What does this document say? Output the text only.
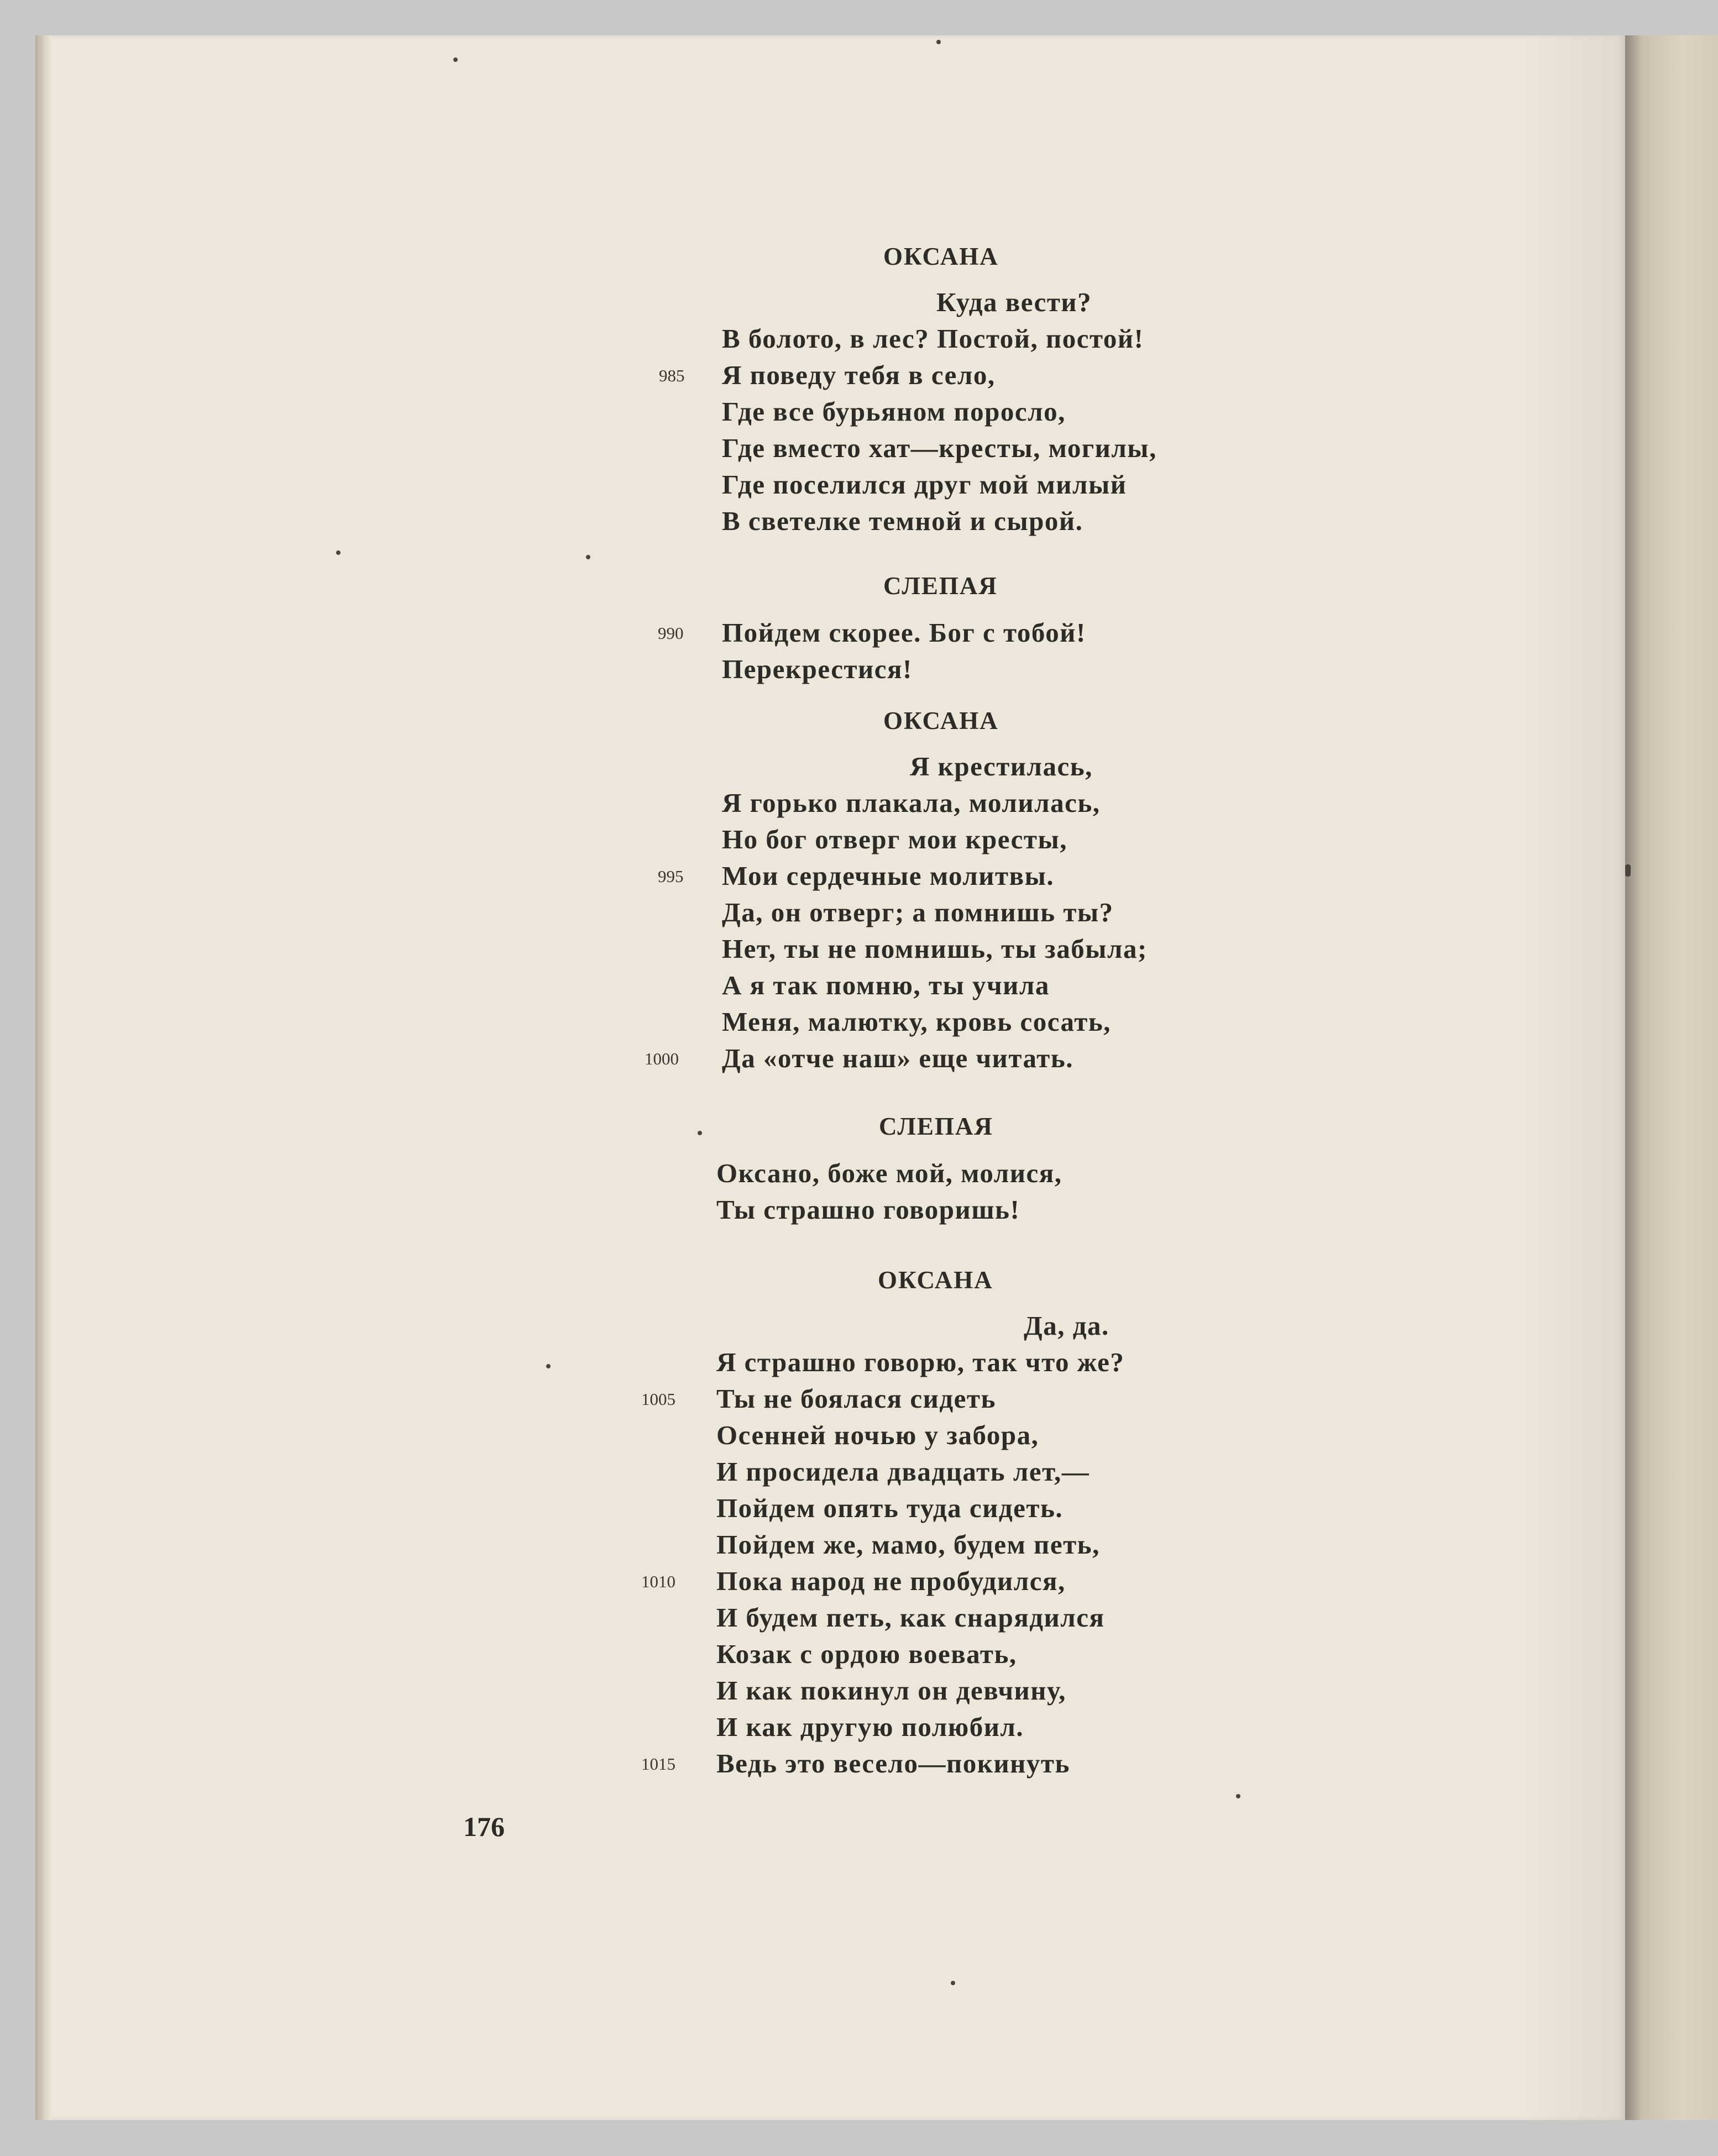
ОКСАНА
Куда вести?
В болото, в лес? Постой, постой!
985 Я поведу тебя в село,
Где все бурьяном поросло,
Где вместо хат—кресты, могилы,
Где поселился друг мой милый
В светелке темной и сырой.
СЛЕПАЯ
990 Пойдем скорее. Бог с тобой!
Перекрестися!
ОКСАНА
Я крестилась,
Я горько плакала, молилась,
Но бог отверг мои кресты,
995 Мои сердечные молитвы.
Да, он отверг; а помнишь ты?
Нет, ты не помнишь, ты забыла;
А я так помню, ты учила
Меня, малютку, кровь сосать,
1000 Да «отче наш» еще читать.
СЛЕПАЯ
Оксано, боже мой, молися,
Ты страшно говоришь!
ОКСАНА
Да, да.
Я страшно говорю, так что же?
1005 Ты не боялася сидеть
Осенней ночью у забора,
И просидела двадцать лет,—
Пойдем опять туда сидеть.
Пойдем же, мамо, будем петь,
1010 Пока народ не пробудился,
И будем петь, как снарядился
Козак с ордою воевать,
И как покинул он девчину,
И как другую полюбил.
1015 Ведь это весело—покинуть
176
